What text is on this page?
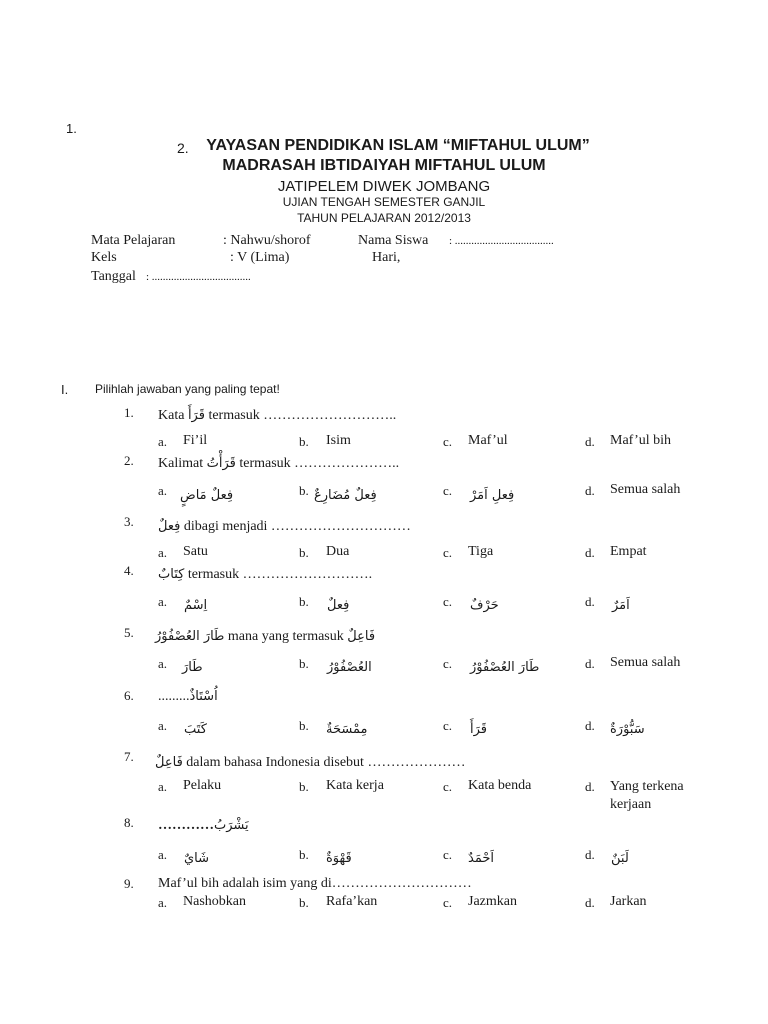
1.
2.	YAYASAN PENDIDIKAN ISLAM “MIFTAHUL ULUM”
MADRASAH IBTIDAIYAH MIFTAHUL ULUM
JATIPELEM DIWEK JOMBANG
UJIAN TENGAH SEMESTER GANJIL
TAHUN PELAJARAN 2012/2013
Mata Pelajaran	: Nahwu/shorof	Nama Siswa : ....................................
Kels	: V (Lima)	Hari,
Tanggal : ....................................
I. Pilihlah jawaban yang paling tepat!
1. Kata قَرَأَ termasuk ………………………..
a. Fi’il	b. Isim	c. Maf’ul	d. Maf’ul bih
2. Kalimat قَرَأْتُ termasuk …………………..
a. فِعلٌ مَاضٍ	b. فِعلٌ مُضَارِعٌ	c. فِعلِ اَمَرْ	d. Semua salah
3. فِعلٌ dibagi menjadi …………………………
a. Satu	b. Dua	c. Tiga	d. Empat
4. كِتَابٌ termasuk ……………………….
a. اِسْمٌ	b. فِعلٌ	c. حَرْفٌ	d. اَمَرٌ
5. طَارَ العُصْفُوْرُ mana yang termasuk فَاعِلٌ
a. طَارَ	b. العُصْفُوْرُ	c. طَارَ العُصْفُوْرُ	d. Semua salah
6. .........اُسْتَاذٌ
a. كَتَبَ	b. مِمْسَحَةٌ	c. قَرَأَ	d. سَبُّوْرَةٌ
7. فَاعِلٌ dalam bahasa Indonesia disebut …………………
a. Pelaku	b. Kata kerja	c. Kata benda	d. Yang terkena kerjaan
8. …………يَشْرَبُ
a. شَايٌ	b. قَهْوَةٌ	c. اَحْمَدٌ	d. لَبَنٌ
9. Maf’ul bih adalah isim yang di…………………………
a. Nashobkan	b. Rafa’kan	c. Jazmkan	d. Jarkan
